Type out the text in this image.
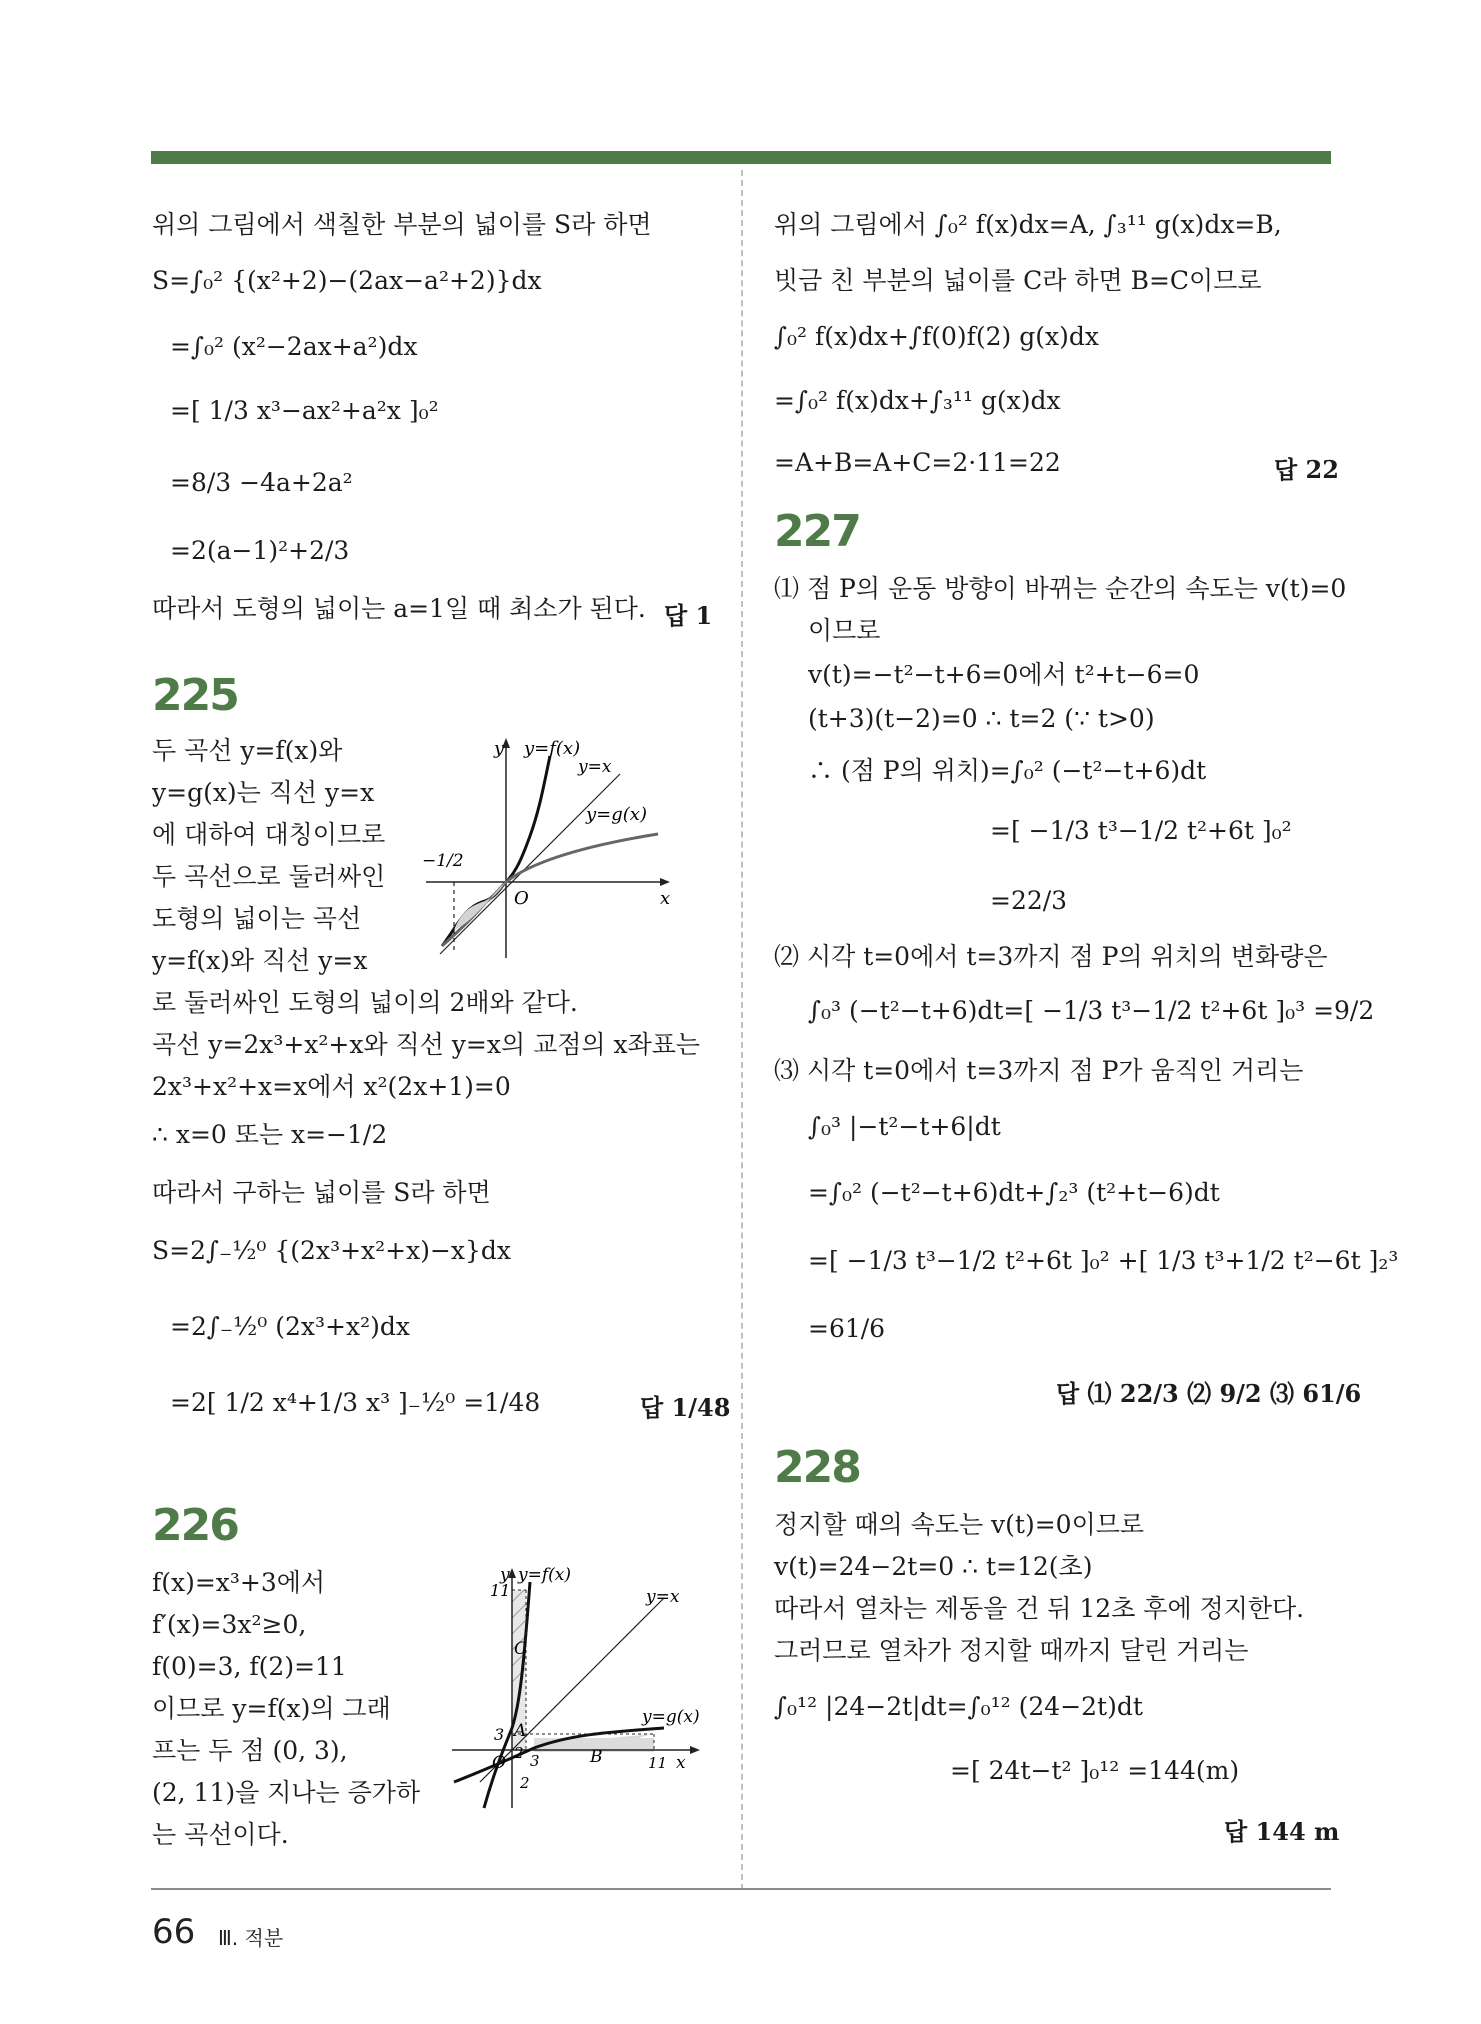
위의 그림에서 색칠한 부분의 넓이를 S라 하면
S=∫₀² {(x²+2)−(2ax−a²+2)}dx
=∫₀² (x²−2ax+a²)dx
=[ 1/3 x³−ax²+a²x ]₀²
=8/3 −4a+2a²
=2(a−1)²+2/3
따라서 도형의 넓이는 a=1일 때 최소가 된다. 답 1
225
두 곡선 y=f(x)와
y=g(x)는 직선 y=x
에 대하여 대칭이므로
두 곡선으로 둘러싸인
도형의 넓이는 곡선
y=f(x)와 직선 y=x
로 둘러싸인 도형의 넓이의 2배와 같다.
곡선 y=2x³+x²+x와 직선 y=x의 교점의 x좌표는
2x³+x²+x=x에서 x²(2x+1)=0
∴ x=0 또는 x=−1/2
따라서 구하는 넓이를 S라 하면
S=2∫₋½⁰ {(2x³+x²+x)−x}dx
=2∫₋½⁰ (2x³+x²)dx
=2[ 1/2 x⁴+1/3 x³ ]₋½⁰ =1/48	답 1/48
y y=f(x)
y=x
y=g(x)
−1/2
O	x
226
f(x)=x³+3에서
f′(x)=3x²≥0,
f(0)=3, f(2)=11
이므로 y=f(x)의 그래
프는 두 점 (0, 3),
(2, 11)을 지나는 증가하
는 곡선이다.
y y=f(x)
y=x
11
C
3 A
2
y=g(x)
B
O 3
2
11 x
위의 그림에서 ∫₀² f(x)dx=A, ∫₃¹¹ g(x)dx=B,
빗금 친 부분의 넓이를 C라 하면 B=C이므로
∫₀² f(x)dx+∫f(0)f(2) g(x)dx
=∫₀² f(x)dx+∫₃¹¹ g(x)dx
=A+B=A+C=2·11=22	답 22
227
⑴ 점 P의 운동 방향이 바뀌는 순간의 속도는 v(t)=0
이므로
v(t)=−t²−t+6=0에서 t²+t−6=0
(t+3)(t−2)=0 ∴ t=2 (∵ t>0)
∴ (점 P의 위치)=∫₀² (−t²−t+6)dt
=[ −1/3 t³−1/2 t²+6t ]₀²
=22/3
⑵ 시각 t=0에서 t=3까지 점 P의 위치의 변화량은
∫₀³ (−t²−t+6)dt=[ −1/3 t³−1/2 t²+6t ]₀³ =9/2
⑶ 시각 t=0에서 t=3까지 점 P가 움직인 거리는
∫₀³ |−t²−t+6|dt
=∫₀² (−t²−t+6)dt+∫₂³ (t²+t−6)dt
=[ −1/3 t³−1/2 t²+6t ]₀² +[ 1/3 t³+1/2 t²−6t ]₂³
=61/6
답 ⑴ 22/3 ⑵ 9/2 ⑶ 61/6
228
정지할 때의 속도는 v(t)=0이므로
v(t)=24−2t=0 ∴ t=12(초)
따라서 열차는 제동을 건 뒤 12초 후에 정지한다.
그러므로 열차가 정지할 때까지 달린 거리는
∫₀¹² |24−2t|dt=∫₀¹² (24−2t)dt
=[ 24t−t² ]₀¹² =144(m)
답 144 m
66 Ⅲ. 적분
